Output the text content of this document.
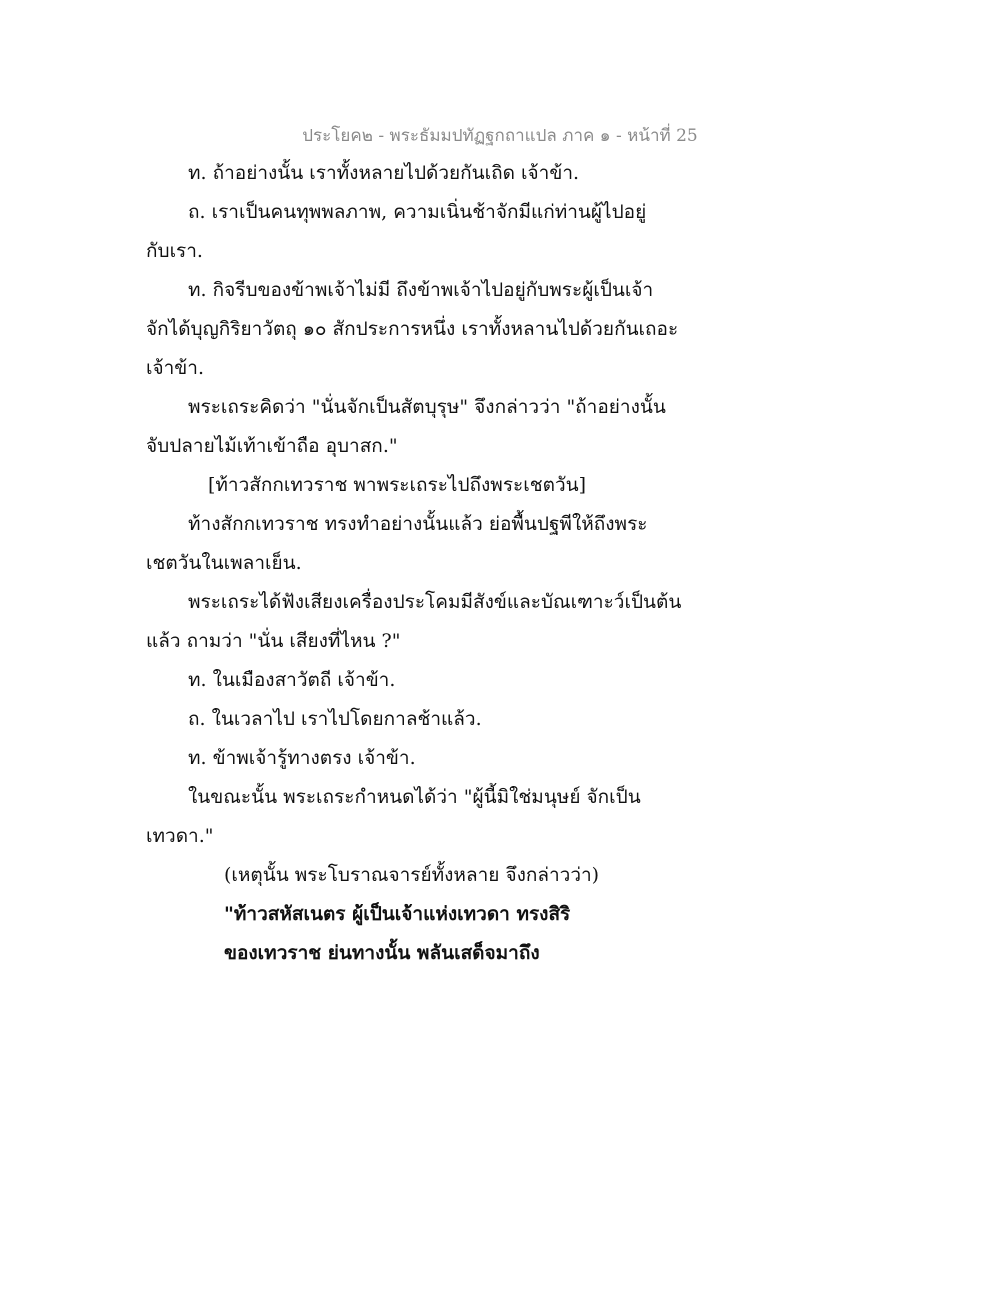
ประโยค๒ - พระธัมมปทัฏฐกถาแปล ภาค ๑ - หน้าที่ 25
ท. ถ้าอย่างนั้น เราทั้งหลายไปด้วยกันเถิด เจ้าข้า.
ถ. เราเป็นคนทุพพลภาพ, ความเนิ่นช้าจักมีแก่ท่านผู้ไปอยู่
กับเรา.
ท. กิจรีบของข้าพเจ้าไม่มี ถึงข้าพเจ้าไปอยู่กับพระผู้เป็นเจ้า
จักได้บุญกิริยาวัตถุ ๑๐ สักประการหนึ่ง เราทั้งหลานไปด้วยกันเถอะ
เจ้าข้า.
พระเถระคิดว่า "นั่นจักเป็นสัตบุรุษ" จึงกล่าวว่า "ถ้าอย่างนั้น
จับปลายไม้เท้าเข้าถือ อุบาสก."
[ท้าวสักกเทวราช พาพระเถระไปถึงพระเชตวัน]
ท้างสักกเทวราช ทรงทำอย่างนั้นแล้ว ย่อพื้นปฐพีให้ถึงพระ
เชตวันในเพลาเย็น.
พระเถระได้ฟังเสียงเครื่องประโคมมีสังข์และบัณเฑาะว์เป็นต้น
แล้ว ถามว่า "นั่น เสียงที่ไหน ?"
ท. ในเมืองสาวัตถี เจ้าข้า.
ถ. ในเวลาไป เราไปโดยกาลช้าแล้ว.
ท. ข้าพเจ้ารู้ทางตรง เจ้าข้า.
ในขณะนั้น พระเถระกำหนดได้ว่า "ผู้นี้มิใช่มนุษย์ จักเป็น
เทวดา."
(เหตุนั้น พระโบราณจารย์ทั้งหลาย จึงกล่าวว่า)
"ท้าวสหัสเนตร ผู้เป็นเจ้าแห่งเทวดา ทรงสิริ
ของเทวราช ย่นทางนั้น พลันเสด็จมาถึง
